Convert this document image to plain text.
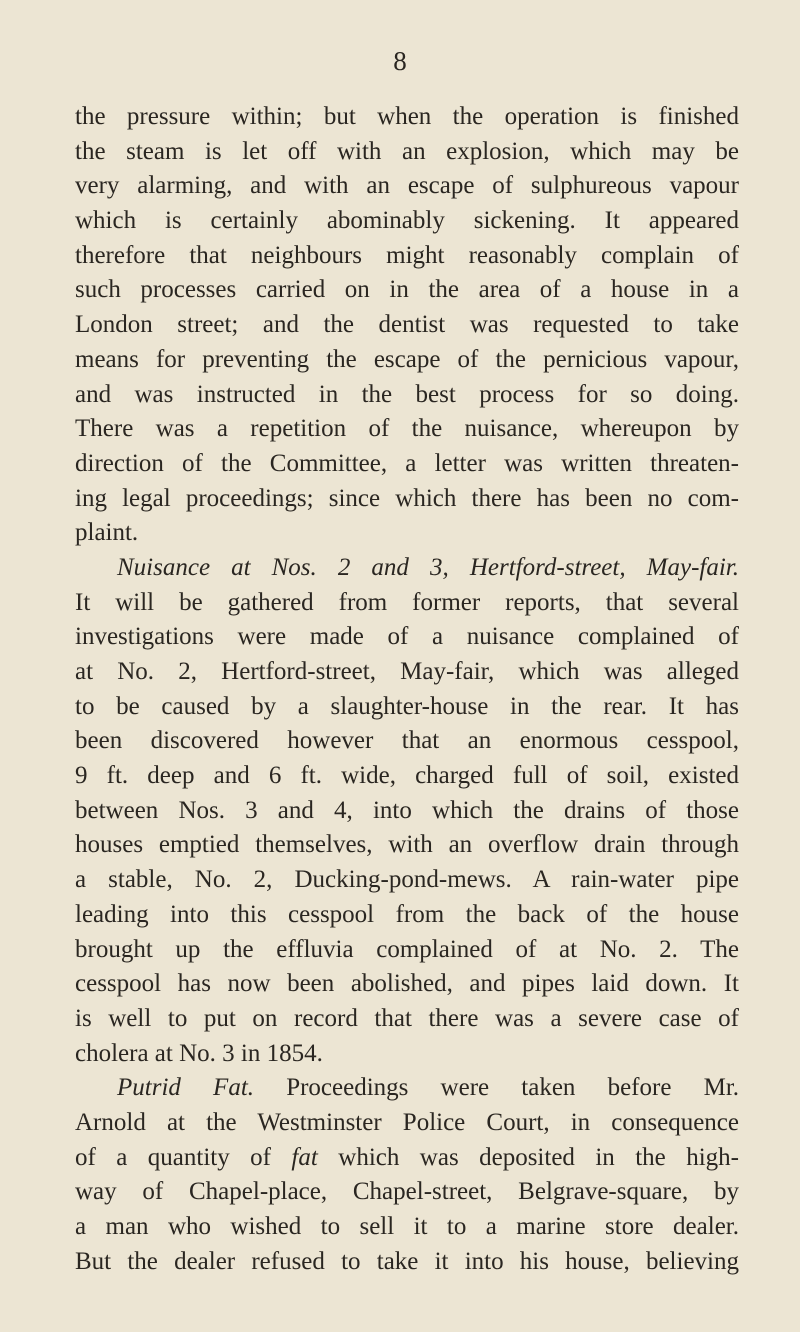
8
the pressure within; but when the operation is finished
the steam is let off with an explosion, which may be
very alarming, and with an escape of sulphureous vapour
which is certainly abominably sickening. It appeared
therefore that neighbours might reasonably complain of
such processes carried on in the area of a house in a
London street; and the dentist was requested to take
means for preventing the escape of the pernicious vapour,
and was instructed in the best process for so doing.
There was a repetition of the nuisance, whereupon by
direction of the Committee, a letter was written threaten-
ing legal proceedings; since which there has been no com-
plaint.
Nuisance at Nos. 2 and 3, Hertford-street, May-fair.
It will be gathered from former reports, that several
investigations were made of a nuisance complained of
at No. 2, Hertford-street, May-fair, which was alleged
to be caused by a slaughter-house in the rear. It has
been discovered however that an enormous cesspool,
9 ft. deep and 6 ft. wide, charged full of soil, existed
between Nos. 3 and 4, into which the drains of those
houses emptied themselves, with an overflow drain through
a stable, No. 2, Ducking-pond-mews. A rain-water pipe
leading into this cesspool from the back of the house
brought up the effluvia complained of at No. 2. The
cesspool has now been abolished, and pipes laid down. It
is well to put on record that there was a severe case of
cholera at No. 3 in 1854.
Putrid Fat. Proceedings were taken before Mr.
Arnold at the Westminster Police Court, in consequence
of a quantity of fat which was deposited in the high-
way of Chapel-place, Chapel-street, Belgrave-square, by
a man who wished to sell it to a marine store dealer.
But the dealer refused to take it into his house, believing
